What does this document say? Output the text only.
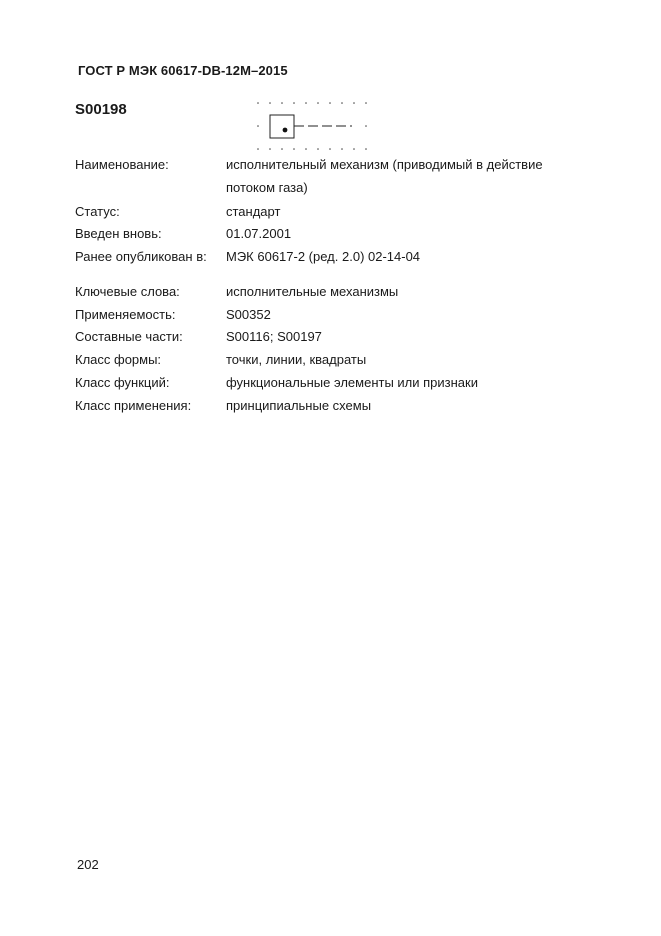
ГОСТ Р МЭК 60617-DB-12M–2015
S00198
Наименование:	исполнительный механизм (приводимый в действие
потоком газа)
Статус:	стандарт
Введен вновь:	01.07.2001
Ранее опубликован в: МЭК 60617-2 (ред. 2.0) 02-14-04
Ключевые слова:	исполнительные механизмы
Применяемость:	S00352
Составные части:	S00116; S00197
Класс формы:	точки, линии, квадраты
Класс функций:	функциональные элементы или признаки
Класс применения:	принципиальные схемы
202
